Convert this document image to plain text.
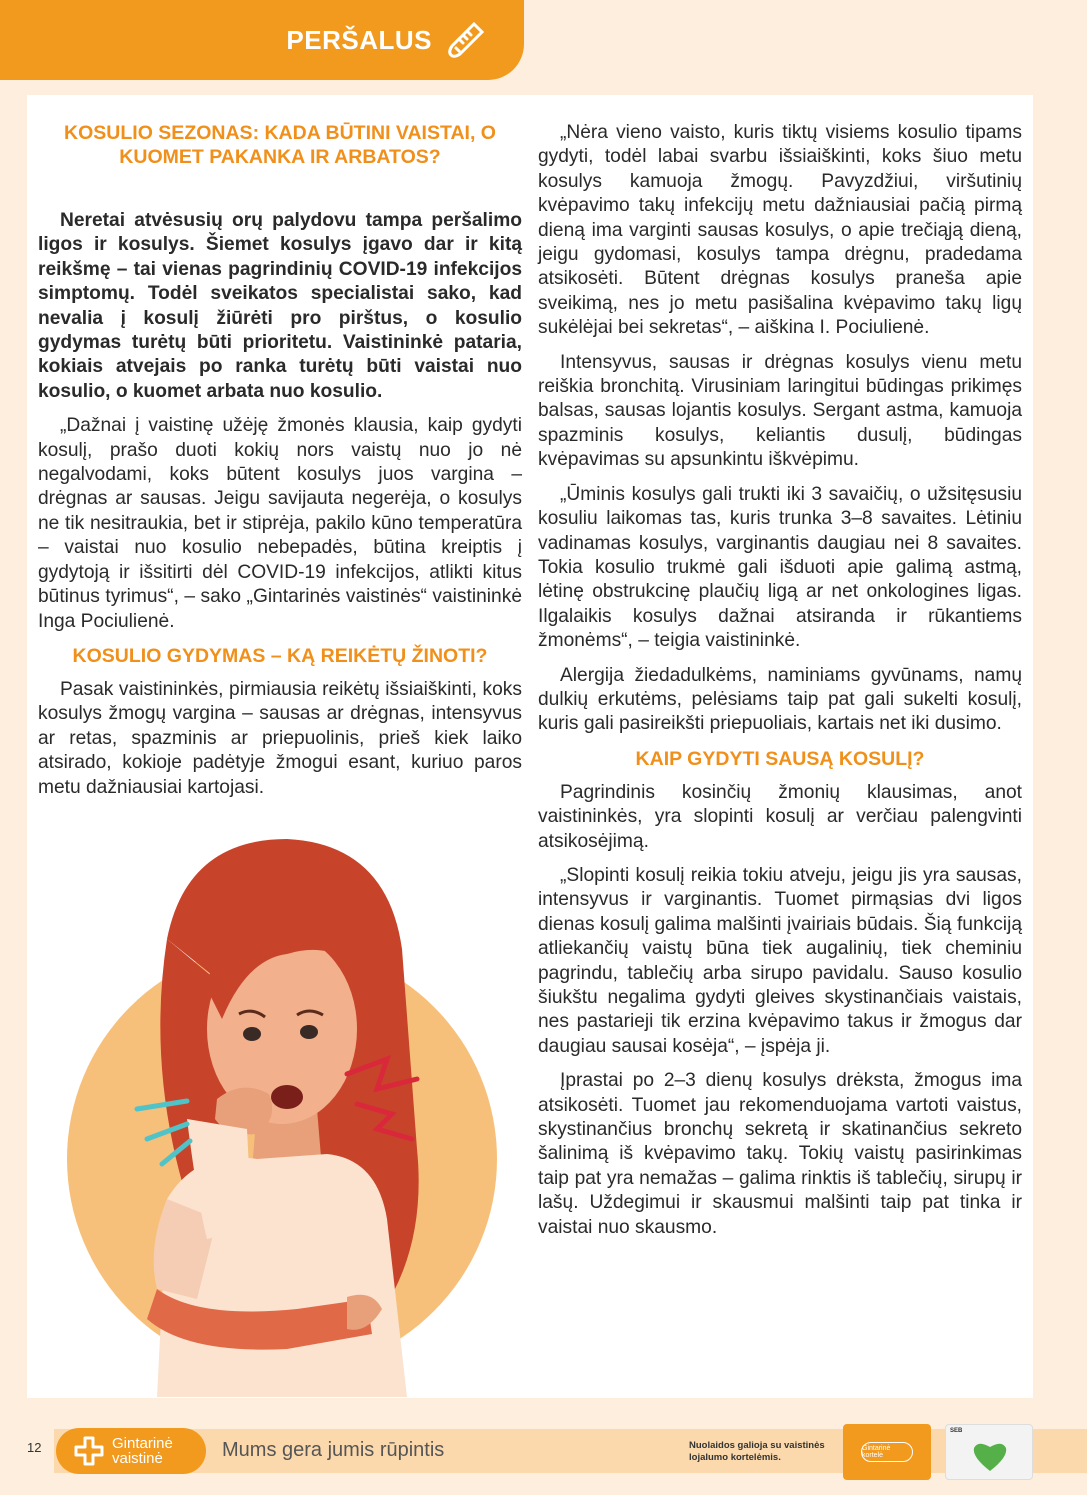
PERŠALUS
KOSULIO SEZONAS: KADA BŪTINI VAISTAI, O KUOMET PAKANKA IR ARBATOS?

Neretai atvėsusių orų palydovu tampa peršalimo ligos ir kosulys. Šiemet kosulys įgavo dar ir kitą reikšmę – tai vienas pagrindinių COVID-19 infekcijos simptomų. Todėl sveikatos specialistai sako, kad nevalia į kosulį žiūrėti pro pirštus, o kosulio gydymas turėtų būti prioritetu. Vaistininkė pataria, kokiais atvejais po ranka turėtų būti vaistai nuo kosulio, o kuomet arbata nuo kosulio.

„Dažnai į vaistinę užėję žmonės klausia, kaip gydyti kosulį, prašo duoti kokių nors vaistų nuo jo nė negalvodami, koks būtent kosulys juos vargina – drėgnas ar sausas. Jeigu savijauta negerėja, o kosulys ne tik nesitraukia, bet ir stiprėja, pakilo kūno temperatūra – vaistai nuo kosulio nebepadės, būtina kreiptis į gydytoją ir išsitirti dėl COVID-19 infekcijos, atlikti kitus būtinus tyrimus“, – sako „Gintarinės vaistinės“ vaistininkė Inga Pociulienė.

KOSULIO GYDYMAS – KĄ REIKĖTŲ ŽINOTI?

Pasak vaistininkės, pirmiausia reikėtų išsiaiškinti, koks kosulys žmogų vargina – sausas ar drėgnas, intensyvus ar retas, spazminis ar priepuolinis, prieš kiek laiko atsirado, kokioje padėtyje žmogui esant, kuriuo paros metu dažniausiai kartojasi.

„Nėra vieno vaisto, kuris tiktų visiems kosulio tipams gydyti, todėl labai svarbu išsiaiškinti, koks šiuo metu kosulys kamuoja žmogų. Pavyzdžiui, viršutinių kvėpavimo takų infekcijų metu dažniausiai pačią pirmą dieną ima varginti sausas kosulys, o apie trečiąją dieną, jeigu gydomasi, kosulys tampa drėgnu, pradedama atsikosėti. Būtent drėgnas kosulys praneša apie sveikimą, nes jo metu pasišalina kvėpavimo takų ligų sukėlėjai bei sekretas“, – aiškina I. Pociulienė.

Intensyvus, sausas ir drėgnas kosulys vienu metu reiškia bronchitą. Virusiniam laringitui būdingas prikimęs balsas, sausas lojantis kosulys. Sergant astma, kamuoja spazminis kosulys, keliantis dusulį, būdingas kvėpavimas su apsunkintu iškvėpimu.

„Ūminis kosulys gali trukti iki 3 savaičių, o užsitęsusiu kosuliu laikomas tas, kuris trunka 3–8 savaites. Lėtiniu vadinamas kosulys, varginantis daugiau nei 8 savaites. Tokia kosulio trukmė gali išduoti apie galimą astmą, lėtinę obstrukcinę plaučių ligą ar net onkologines ligas. Ilgalaikis kosulys dažnai atsiranda ir rūkantiems žmonėms“, – teigia vaistininkė.

Alergija žiedadulkėms, naminiams gyvūnams, namų dulkių erkutėms, pelėsiams taip pat gali sukelti kosulį, kuris gali pasireikšti priepuoliais, kartais net iki dusimo.

KAIP GYDYTI SAUSĄ KOSULĮ?

Pagrindinis kosinčių žmonių klausimas, anot vaistininkės, yra slopinti kosulį ar verčiau palengvinti atsikosėjimą.

„Slopinti kosulį reikia tokiu atveju, jeigu jis yra sausas, intensyvus ir varginantis. Tuomet pirmąsias dvi ligos dienas kosulį galima malšinti įvairiais būdais. Šią funkciją atliekančių vaistų būna tiek augalinių, tiek cheminiu pagrindu, tablečių arba sirupo pavidalu. Sauso kosulio šiukštu negalima gydyti gleives skystinančiais vaistais, nes pastarieji tik erzina kvėpavimo takus ir žmogus dar daugiau sausai kosėja“, – įspėja ji.

Įprastai po 2–3 dienų kosulys drėksta, žmogus ima atsikosėti. Tuomet jau rekomenduojama vartoti vaistus, skystinančius bronchų sekretą ir skatinančius sekreto šalinimą iš kvėpavimo takų. Tokių vaistų pasirinkimas taip pat yra nemažas – galima rinktis iš tablečių, sirupų ir lašų. Uždegimui ir skausmui malšinti taip pat tinka ir vaistai nuo skausmo.

12	Gintarinė
vaistinė	Mums gera jumis rūpintis	Nuolaidos galioja su vaistinės lojalumo kortelėmis.
Gintarinė kortelė
SEB
